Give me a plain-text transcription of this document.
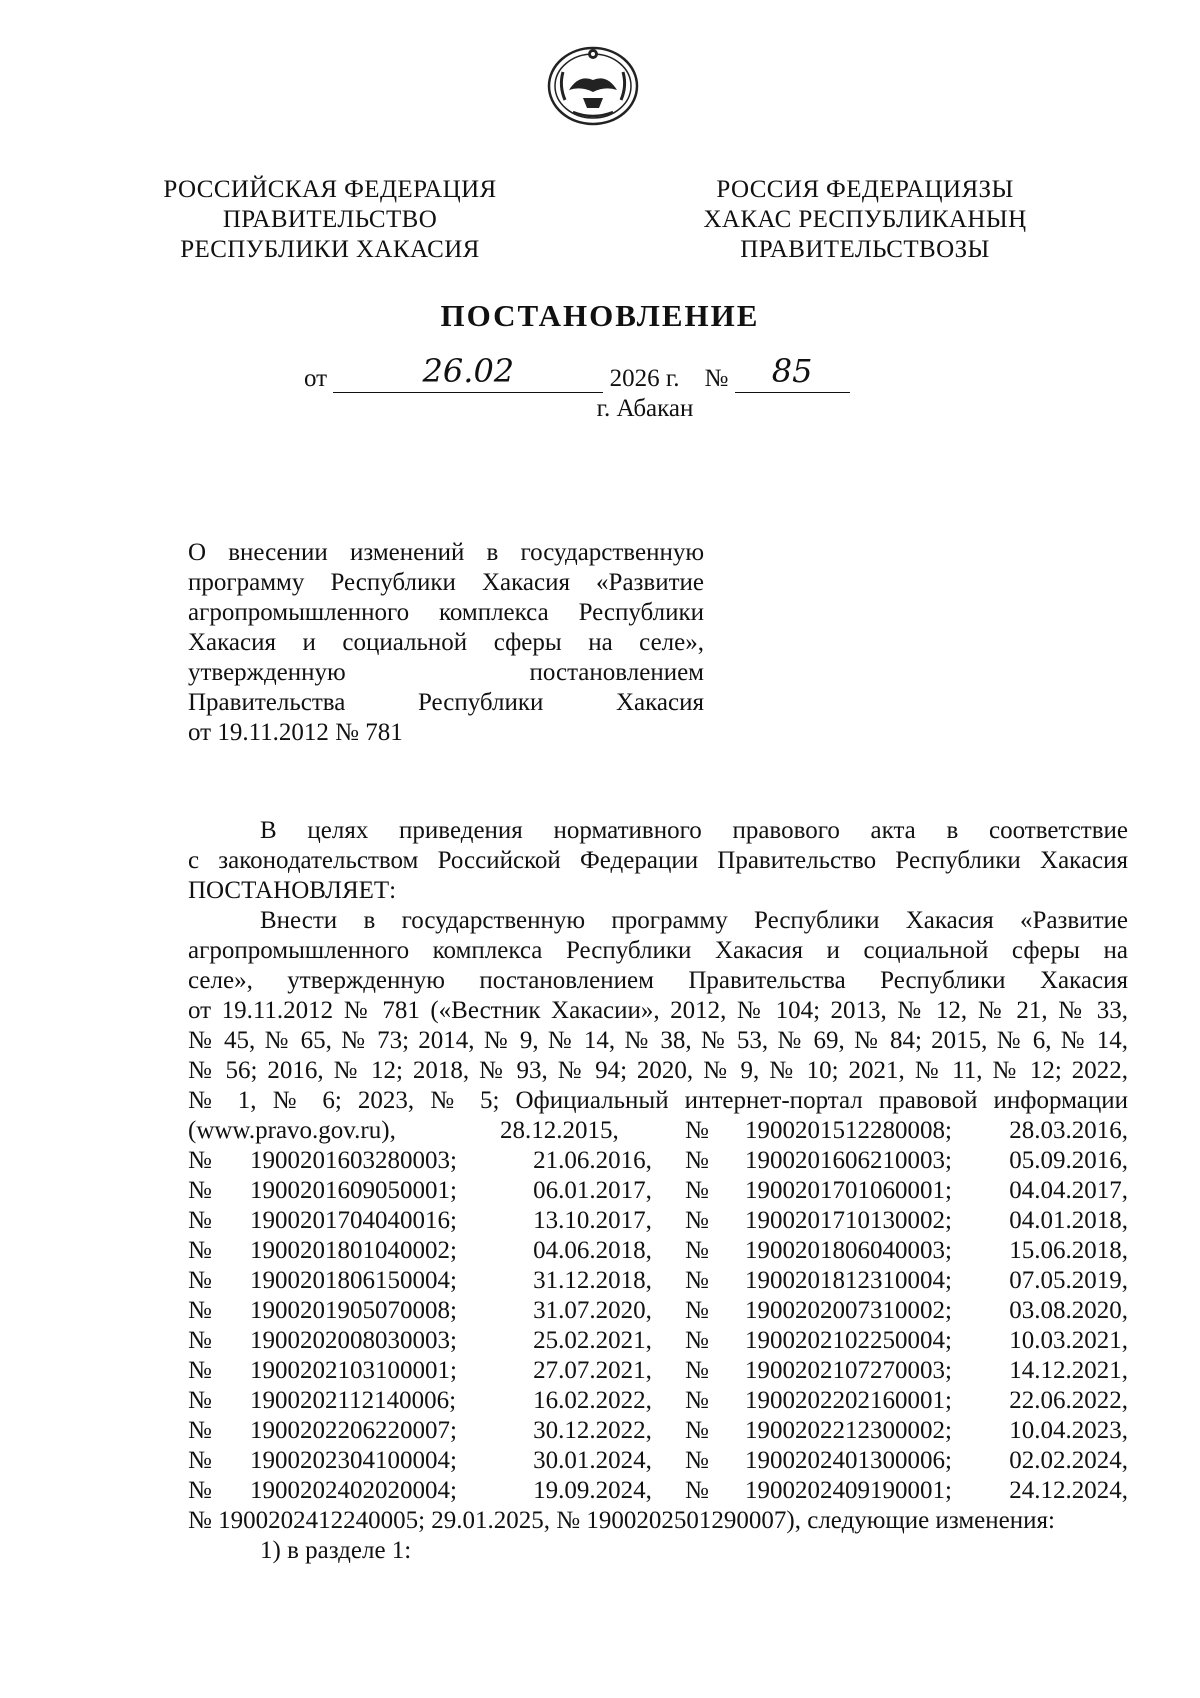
РОССИЙСКАЯ ФЕДЕРАЦИЯ
ПРАВИТЕЛЬСТВО
РЕСПУБЛИКИ ХАКАСИЯ
РОССИЯ ФЕДЕРАЦИЯЗЫ
ХАКАС РЕСПУБЛИКАНЫҢ
ПРАВИТЕЛЬСТВОЗЫ
ПОСТАНОВЛЕНИЕ
от	26.02	2026 г. № 85
г. Абакан
О внесении изменений в государственную
программу Республики Хакасия «Развитие
агропромышленного комплекса Республики
Хакасия и социальной сферы на селе»,
утвержденную постановлением
Правительства Республики Хакасия
от 19.11.2012 № 781
В целях приведения нормативного правового акта в соответствие
с законодательством Российской Федерации Правительство Республики Хакасия
ПОСТАНОВЛЯЕТ:
Внести в государственную программу Республики Хакасия «Развитие
агропромышленного комплекса Республики Хакасия и социальной сферы на
селе», утвержденную постановлением Правительства Республики Хакасия
от 19.11.2012 № 781 («Вестник Хакасии», 2012, № 104; 2013, № 12, № 21, № 33,
№ 45, № 65, № 73; 2014, № 9, № 14, № 38, № 53, № 69, № 84; 2015, № 6, № 14,
№ 56; 2016, № 12; 2018, № 93, № 94; 2020, № 9, № 10; 2021, № 11, № 12; 2022,
№ 1, № 6; 2023, № 5; Официальный интернет-портал правовой информации
(www.pravo.gov.ru),		28.12.2015,	№	1900201512280008;	28.03.2016,
№	1900201603280003;	21.06.2016,	№	1900201606210003;	05.09.2016,
№	1900201609050001;	06.01.2017,	№	1900201701060001;	04.04.2017,
№	1900201704040016;	13.10.2017,	№	1900201710130002;	04.01.2018,
№	1900201801040002;	04.06.2018,	№	1900201806040003;	15.06.2018,
№	1900201806150004;	31.12.2018,	№	1900201812310004;	07.05.2019,
№	1900201905070008;	31.07.2020,	№	1900202007310002;	03.08.2020,
№	1900202008030003;	25.02.2021,	№	1900202102250004;	10.03.2021,
№	1900202103100001;	27.07.2021,	№	1900202107270003;	14.12.2021,
№	1900202112140006;	16.02.2022,	№	1900202202160001;	22.06.2022,
№	1900202206220007;	30.12.2022,	№	1900202212300002;	10.04.2023,
№	1900202304100004;	30.01.2024,	№	1900202401300006;	02.02.2024,
№	1900202402020004;	19.09.2024,	№	1900202409190001;	24.12.2024,
№ 1900202412240005; 29.01.2025, № 1900202501290007), следующие изменения:
1) в разделе 1:
